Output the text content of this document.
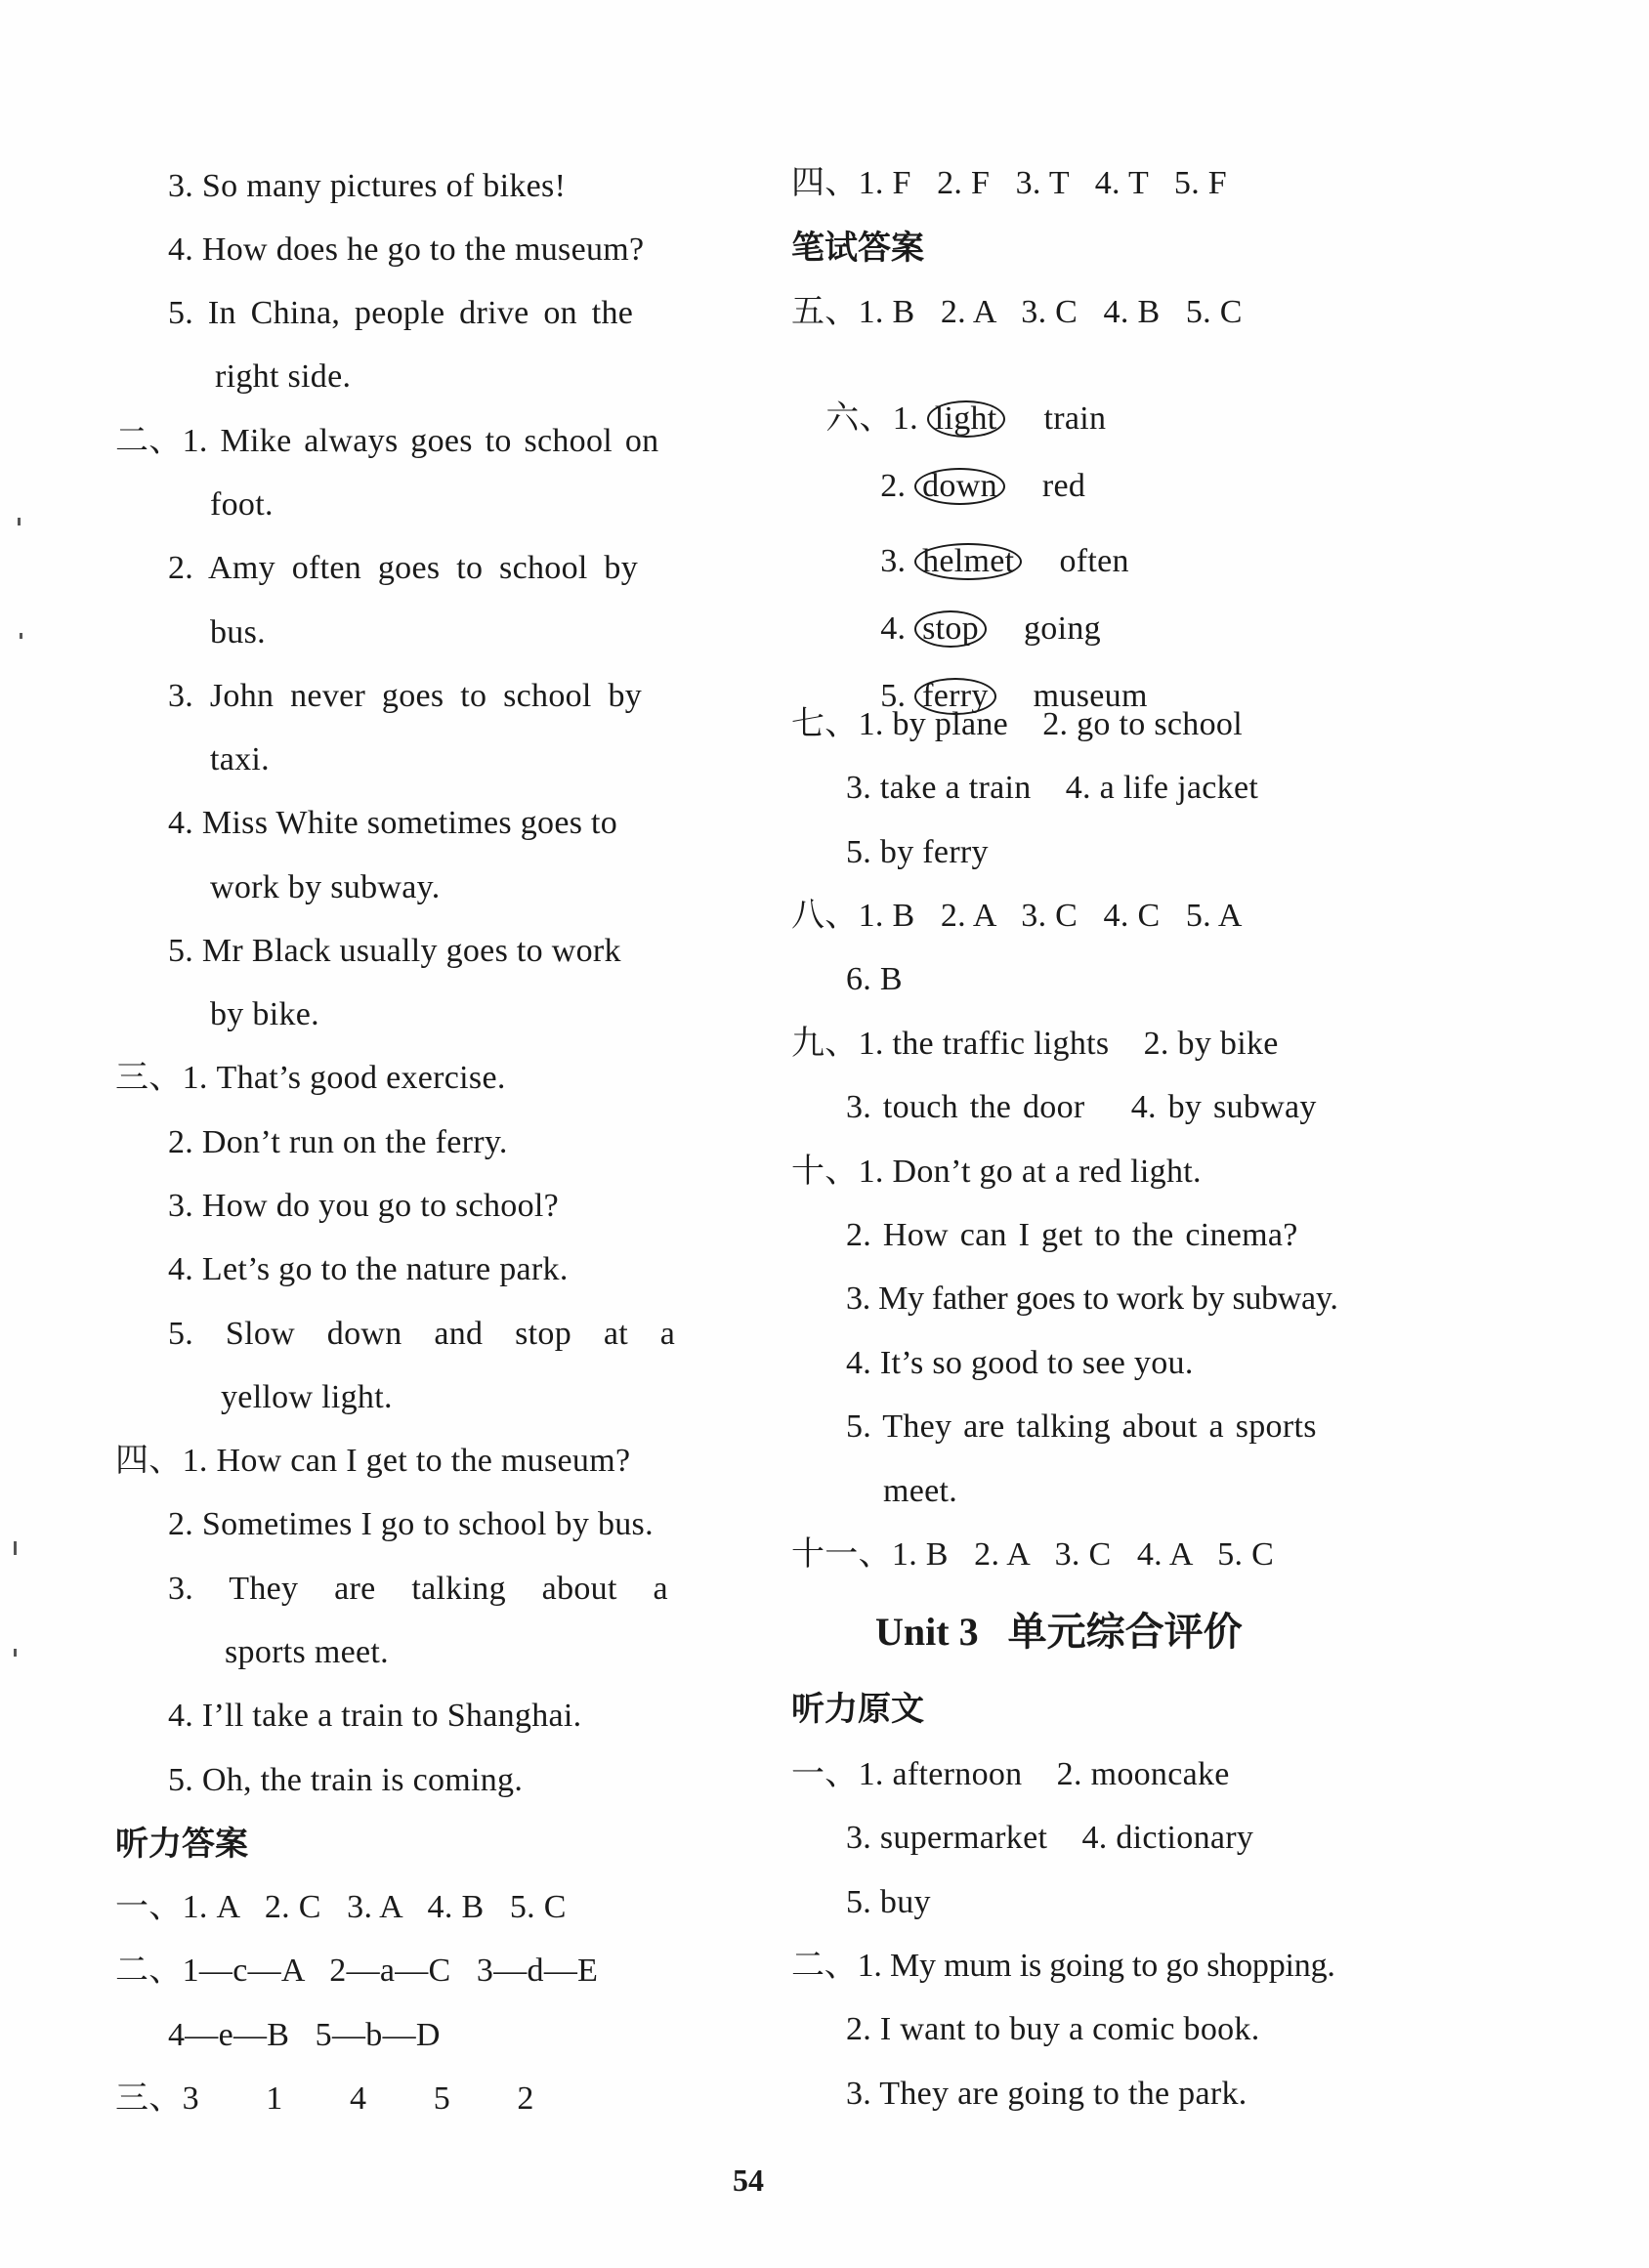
3. So many pictures of bikes!
4. How does he go to the museum?
5. In China, people drive on the
right side.
二、1. Mike always goes to school on
foot.
2. Amy often goes to school by
bus.
3. John never goes to school by
taxi.
4. Miss White sometimes goes to
work by subway.
5. Mr Black usually goes to work
by bike.
三、1. That’s good exercise.
2. Don’t run on the ferry.
3. How do you go to school?
4. Let’s go to the nature park.
5. Slow down and stop at a
yellow light.
四、1. How can I get to the museum?
2. Sometimes I go to school by bus.
3. They are talking about a
sports meet.
4. I’ll take a train to Shanghai.
5. Oh, the train is coming.
听力答案
一、1. A   2. C   3. A   4. B   5. C
二、1—c—A   2—a—C   3—d—E
4—e—B   5—b—D
三、3   1   4   5   2
四、1. F   2. F   3. T   4. T   5. F
笔试答案
五、1. B   2. A   3. C   4. B   5. C

六、1. light train

2. down red

3. helmet often

4. stop going

5. ferry museum

七、1. by plane    2. go to school
3. take a train    4. a life jacket
5. by ferry
八、1. B   2. A   3. C   4. C   5. A
6. B
九、1. the traffic lights    2. by bike
3. touch the door    4. by subway
十、1. Don’t go at a red light.
2. How can I get to the cinema?
3. My father goes to work by subway.
4. It’s so good to see you.
5. They are talking about a sports
meet.
十一、1. B   2. A   3. C   4. A   5. C
Unit 3   单元综合评价
听力原文
一、1. afternoon    2. mooncake
3. supermarket    4. dictionary
5. buy
二、1. My mum is going to go shopping.
2. I want to buy a comic book.
3. They are going to the park.
54
